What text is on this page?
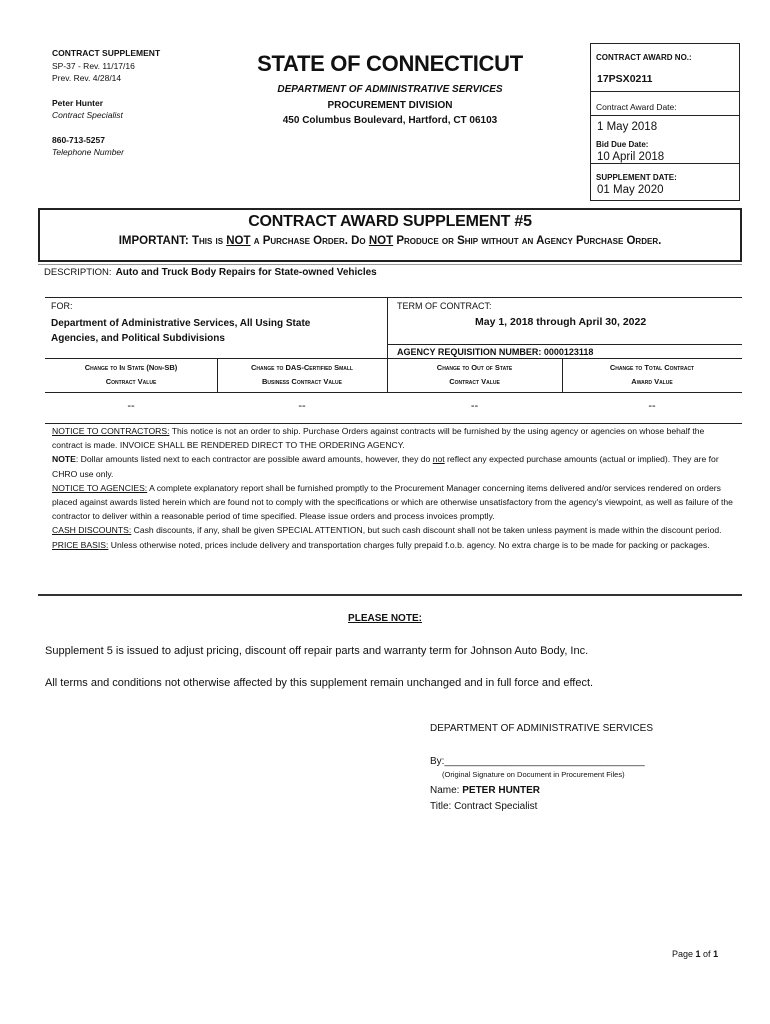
CONTRACT SUPPLEMENT
SP-37 - Rev. 11/17/16
Prev. Rev. 4/28/14
Peter Hunter
Contract Specialist
860-713-5257
Telephone Number
STATE OF CONNECTICUT
DEPARTMENT OF ADMINISTRATIVE SERVICES
PROCUREMENT DIVISION
450 Columbus Boulevard, Hartford, CT 06103
CONTRACT AWARD NO.:
17PSX0211
Contract Award Date:
1 May 2018
Bid Due Date:
10 April 2018
SUPPLEMENT DATE:
01 May 2020
CONTRACT AWARD SUPPLEMENT #5
IMPORTANT: This is NOT a Purchase Order. Do NOT Produce or Ship without an Agency Purchase Order.
DESCRIPTION: Auto and Truck Body Repairs for State-owned Vehicles
FOR:
Department of Administrative Services, All Using State
Agencies, and Political Subdivisions
TERM OF CONTRACT:
May 1, 2018 through April 30, 2022
AGENCY REQUISITION NUMBER: 0000123118
Change to In State (Non-SB)
Contract Value
Change to DAS-Certified Small
Business Contract Value
Change to Out of State
Contract Value
Change to Total Contract
Award Value
--	--	--	--
NOTICE TO CONTRACTORS: This notice is not an order to ship. Purchase Orders against contracts will be furnished by the using agency or agencies on whose behalf the contract is made. INVOICE SHALL BE RENDERED DIRECT TO THE ORDERING AGENCY.
NOTE: Dollar amounts listed next to each contractor are possible award amounts, however, they do not reflect any expected purchase amounts (actual or implied). They are for CHRO use only.
NOTICE TO AGENCIES: A complete explanatory report shall be furnished promptly to the Procurement Manager concerning items delivered and/or services rendered on orders placed against awards listed herein which are found not to comply with the specifications or which are otherwise unsatisfactory from the agency's viewpoint, as well as failure of the contractor to deliver within a reasonable period of time specified. Please issue orders and process invoices promptly.
CASH DISCOUNTS: Cash discounts, if any, shall be given SPECIAL ATTENTION, but such cash discount shall not be taken unless payment is made within the discount period.
PRICE BASIS: Unless otherwise noted, prices include delivery and transportation charges fully prepaid f.o.b. agency. No extra charge is to be made for packing or packages.
PLEASE NOTE:
Supplement 5 is issued to adjust pricing, discount off repair parts and warranty term for Johnson Auto Body, Inc.
All terms and conditions not otherwise affected by this supplement remain unchanged and in full force and effect.
DEPARTMENT OF ADMINISTRATIVE SERVICES
By:____________________________________
(Original Signature on Document in Procurement Files)
Name: PETER HUNTER
Title: Contract Specialist
Page 1 of 1
